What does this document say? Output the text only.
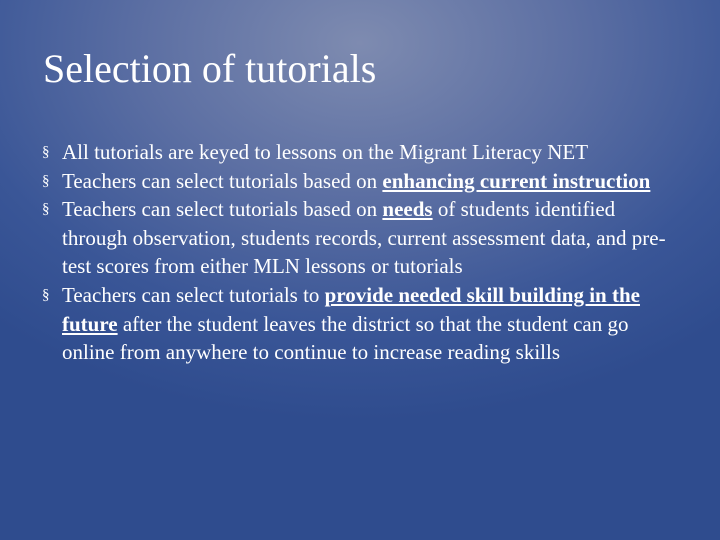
Selection of tutorials
§ All tutorials are keyed to lessons on the Migrant Literacy NET
§ Teachers can select tutorials based on enhancing current instruction
§ Teachers can select tutorials based on needs of students identified through observation, students records, current assessment data, and pre-test scores from either MLN lessons or tutorials
§ Teachers can select tutorials to provide needed skill building in the future after the student leaves the district so that the student can go online from anywhere to continue to increase reading skills
